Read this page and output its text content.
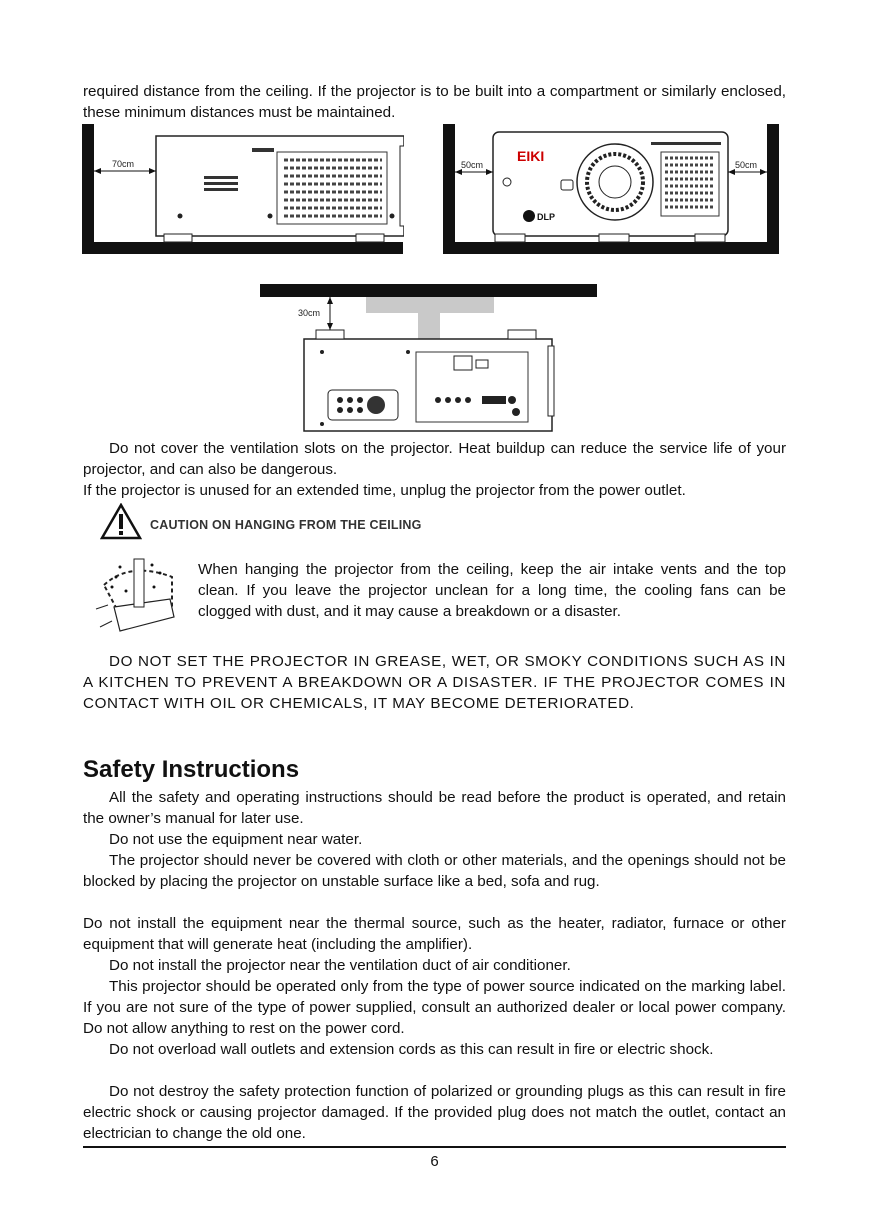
required distance from the ceiling. If the projector is to be built into a compartment or similarly enclosed, these minimum distances must be maintained.

70cm	EIKI
DLP
50cm	50cm
30cm

Do not cover the ventilation slots on the projector. Heat buildup can reduce the service life of your projector, and can also be dangerous.

If the projector is unused for an extended time, unplug the projector from the power outlet.

CAUTION ON HANGING FROM THE CEILING

When hanging the projector from the ceiling, keep the air intake vents and the top clean. If you leave the projector unclean for a long time, the cooling fans can be clogged with dust, and it may cause a breakdown or a disaster.

DO NOT SET THE PROJECTOR IN GREASE, WET, OR SMOKY CONDITIONS SUCH AS IN A KITCHEN TO PREVENT A BREAKDOWN OR A DISASTER. IF THE PROJECTOR COMES IN CONTACT WITH OIL OR CHEMICALS, IT MAY BECOME DETERIORATED.

Safety Instructions

All the safety and operating instructions should be read before the product is operated, and retain the owner’s manual for later use.

Do not use the equipment near water.

The projector should never be covered with cloth or other materials, and the openings should not be blocked by placing the projector on unstable surface like a bed, sofa and rug.

Do not install the equipment near the thermal source, such as the heater, radiator, furnace or other equipment that will generate heat (including the amplifier).

Do not install the projector near the ventilation duct of air conditioner.

This projector should be operated only from the type of power source indicated on the marking label. If you are not sure of the type of power supplied, consult an authorized dealer or local power company. Do not allow anything to rest on the power cord.

Do not overload wall outlets and extension cords as this can result in fire or electric shock.

Do not destroy the safety protection function of polarized or grounding plugs as this can result in fire electric shock or causing projector damaged. If the provided plug does not match the outlet, contact an electrician to change the old one.

6
